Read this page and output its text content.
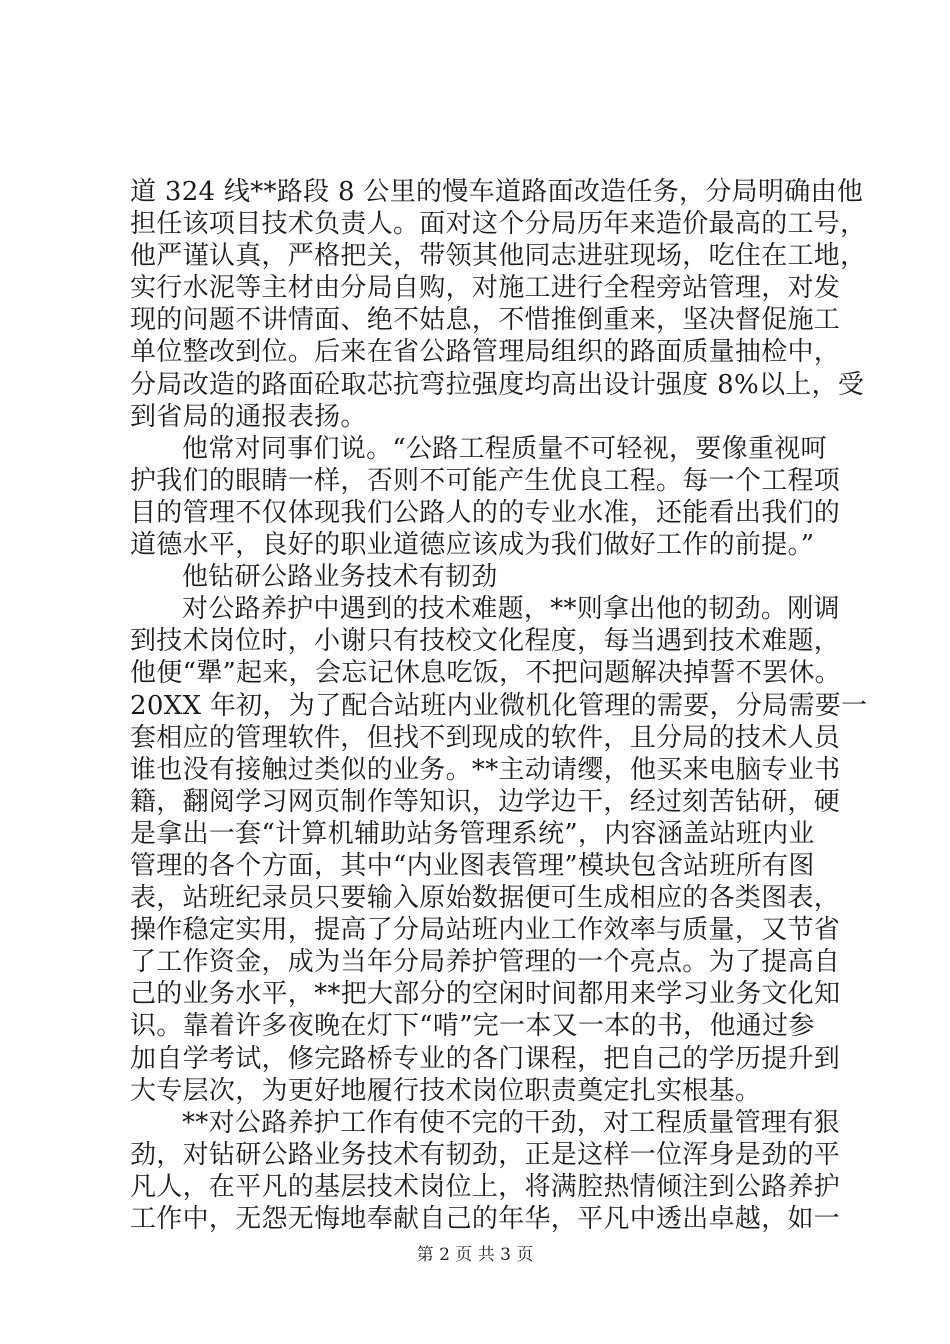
道 324 线**路段 8 公里的慢车道路面改造任务，分局明确由他
担任该项目技术负责人。面对这个分局历年来造价最高的工号，
他严谨认真，严格把关，带领其他同志进驻现场，吃住在工地，
实行水泥等主材由分局自购，对施工进行全程旁站管理，对发
现的问题不讲情面、绝不姑息，不惜推倒重来，坚决督促施工
单位整改到位。后来在省公路管理局组织的路面质量抽检中，
分局改造的路面砼取芯抗弯拉强度均高出设计强度 8%以上，受
到省局的通报表扬。
他常对同事们说。“公路工程质量不可轻视，要像重视呵
护我们的眼睛一样，否则不可能产生优良工程。每一个工程项
目的管理不仅体现我们公路人的的专业水准，还能看出我们的
道德水平，良好的职业道德应该成为我们做好工作的前提。”
他钻研公路业务技术有韧劲
对公路养护中遇到的技术难题，**则拿出他的韧劲。刚调
到技术岗位时，小谢只有技校文化程度，每当遇到技术难题，
他便“犟”起来，会忘记休息吃饭，不把问题解决掉誓不罢休。
20XX 年初，为了配合站班内业微机化管理的需要，分局需要一
套相应的管理软件，但找不到现成的软件，且分局的技术人员
谁也没有接触过类似的业务。**主动请缨，他买来电脑专业书
籍，翻阅学习网页制作等知识，边学边干，经过刻苦钻研，硬
是拿出一套“计算机辅助站务管理系统”，内容涵盖站班内业
管理的各个方面，其中“内业图表管理”模块包含站班所有图
表，站班纪录员只要输入原始数据便可生成相应的各类图表，
操作稳定实用，提高了分局站班内业工作效率与质量，又节省
了工作资金，成为当年分局养护管理的一个亮点。为了提高自
己的业务水平，**把大部分的空闲时间都用来学习业务文化知
识。靠着许多夜晚在灯下“啃”完一本又一本的书，他通过参
加自学考试，修完路桥专业的各门课程，把自己的学历提升到
大专层次，为更好地履行技术岗位职责奠定扎实根基。
**对公路养护工作有使不完的干劲，对工程质量管理有狠
劲，对钻研公路业务技术有韧劲，正是这样一位浑身是劲的平
凡人，在平凡的基层技术岗位上，将满腔热情倾注到公路养护
工作中，无怨无悔地奉献自己的年华，平凡中透出卓越，如一
第 2 页 共 3 页
